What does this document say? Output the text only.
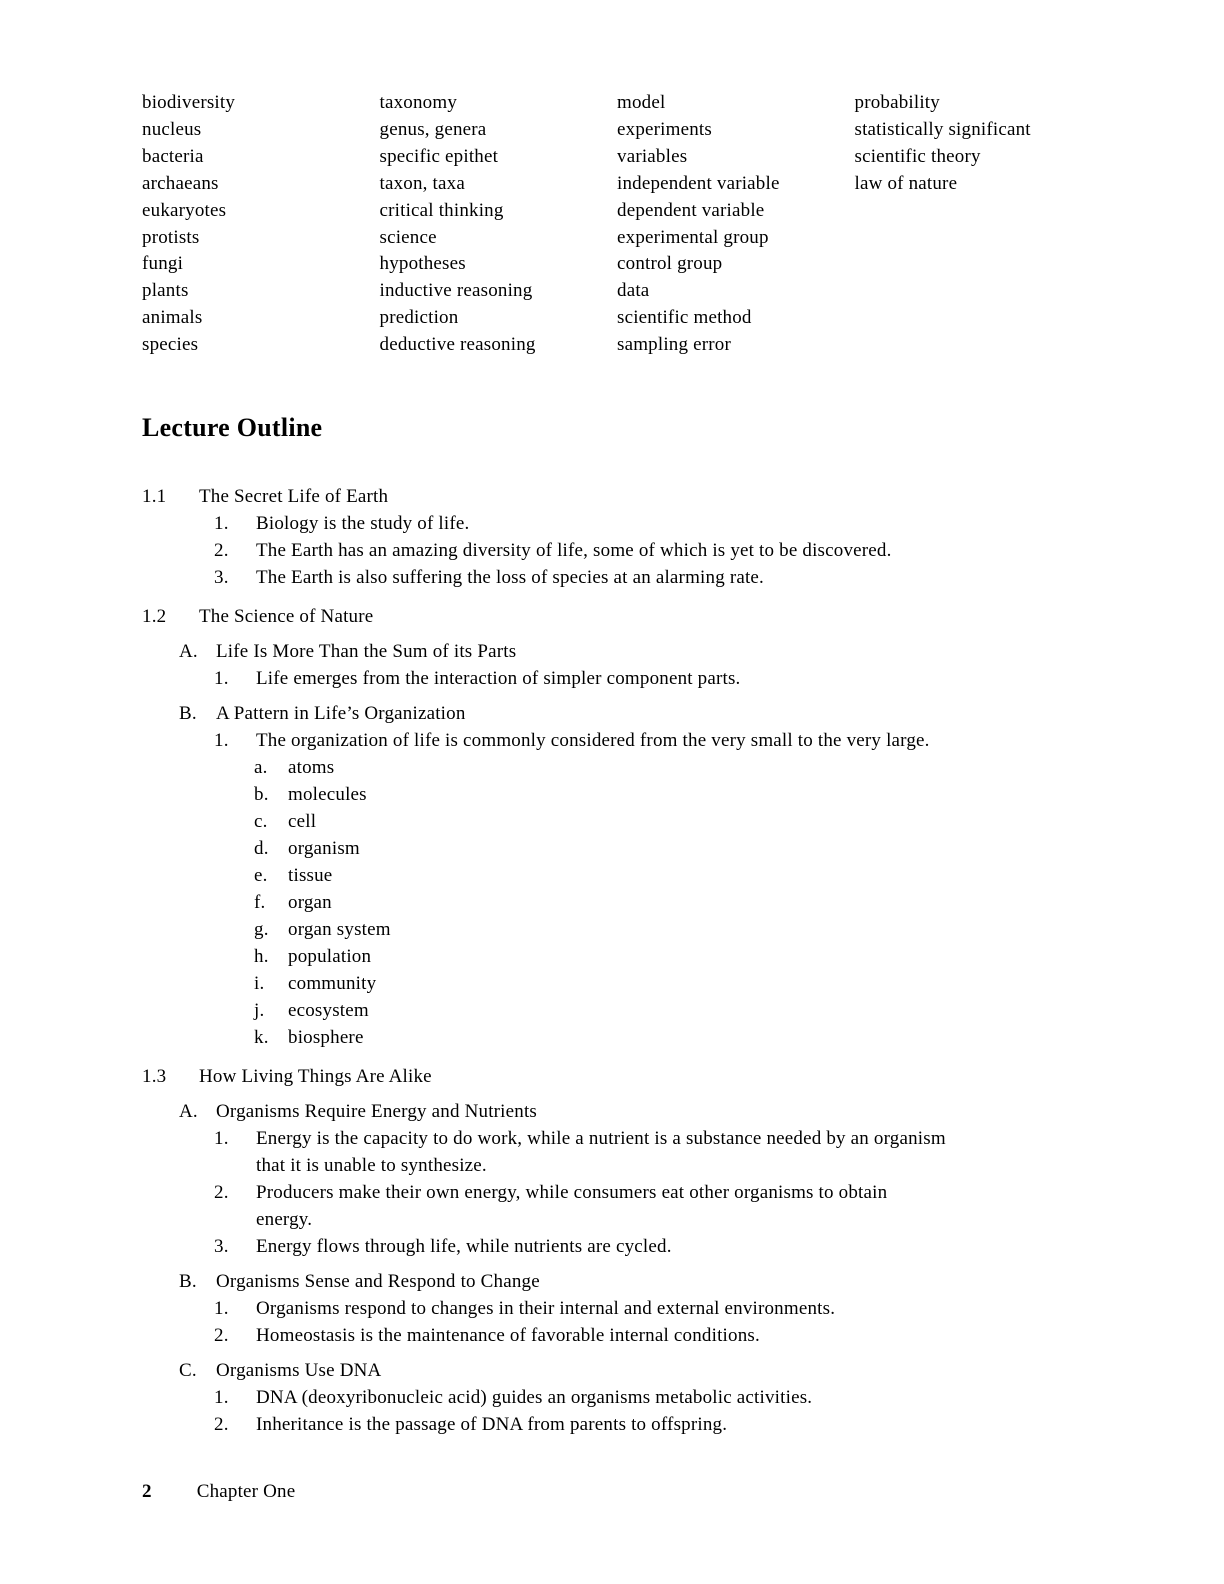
biodiversity
nucleus
bacteria
archaeans
eukaryotes
protists
fungi
plants
animals
species
taxonomy
genus, genera
specific epithet
taxon, taxa
critical thinking
science
hypotheses
inductive reasoning
prediction
deductive reasoning
model
experiments
variables
independent variable
dependent variable
experimental group
control group
data
scientific method
sampling error
probability
statistically significant
scientific theory
law of nature
Lecture Outline
1.1 The Secret Life of Earth
1. Biology is the study of life.
2. The Earth has an amazing diversity of life, some of which is yet to be discovered.
3. The Earth is also suffering the loss of species at an alarming rate.
1.2 The Science of Nature
A. Life Is More Than the Sum of its Parts
1. Life emerges from the interaction of simpler component parts.
B. A Pattern in Life’s Organization
1. The organization of life is commonly considered from the very small to the very large.
a. atoms
b. molecules
c. cell
d. organism
e. tissue
f. organ
g. organ system
h. population
i. community
j. ecosystem
k. biosphere
1.3 How Living Things Are Alike
A. Organisms Require Energy and Nutrients
1. Energy is the capacity to do work, while a nutrient is a substance needed by an organism
that it is unable to synthesize.
2. Producers make their own energy, while consumers eat other organisms to obtain
energy.
3. Energy flows through life, while nutrients are cycled.
B. Organisms Sense and Respond to Change
1. Organisms respond to changes in their internal and external environments.
2. Homeostasis is the maintenance of favorable internal conditions.
C. Organisms Use DNA
1. DNA (deoxyribonucleic acid) guides an organisms metabolic activities.
2. Inheritance is the passage of DNA from parents to offspring.
2 Chapter One
